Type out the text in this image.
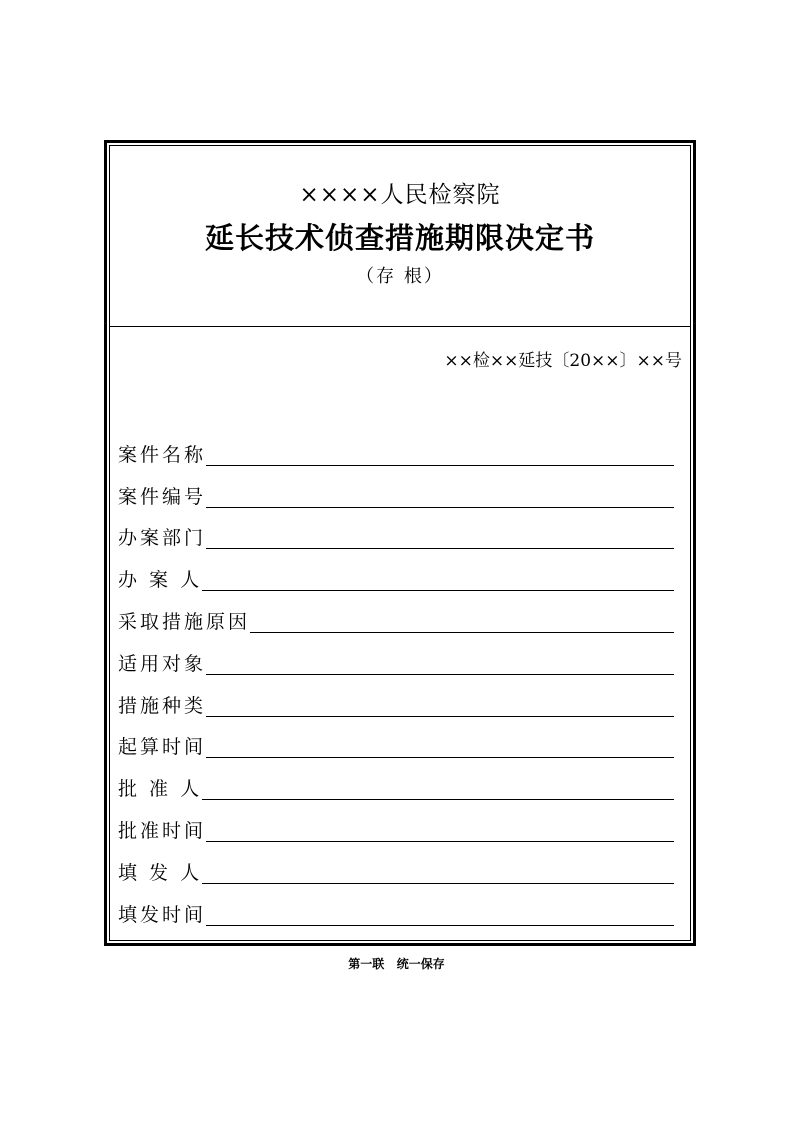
××××人民检察院
延长技术侦查措施期限决定书
（存 根）
××检××延技〔20××〕××号
案件名称
案件编号
办案部门
办 案 人
采取措施原因
适用对象
措施种类
起算时间
批 准 人
批准时间
填 发 人
填发时间
第一联   统一保存
